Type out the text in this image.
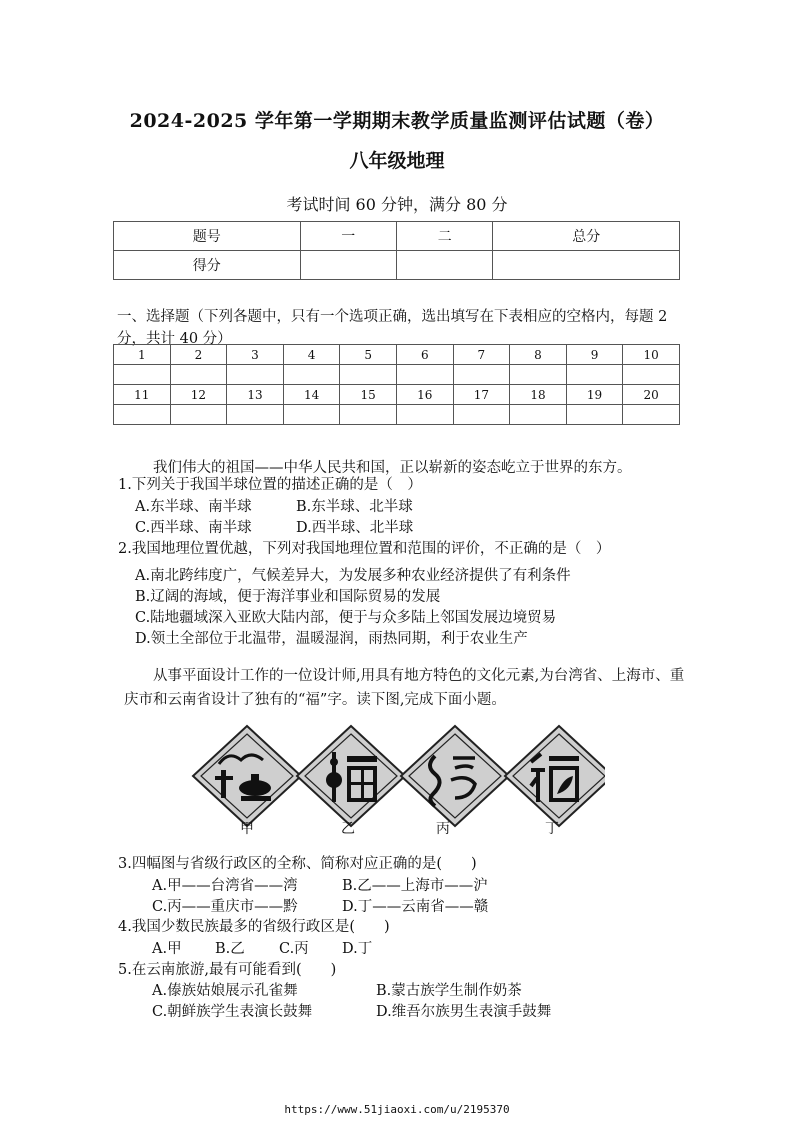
2024-2025 学年第一学期期末教学质量监测评估试题（卷）
八年级地理
考试时间 60 分钟，满分 80 分
题号	一	二	总分
得分			
一、选择题（下列各题中，只有一个选项正确，选出填写在下表相应的空格内，每题 2 分，共计 40 分）
1	2	3	4	5	6	7	8	9	10

11	12	13	14	15	16	17	18	19	20

我们伟大的祖国——中华人民共和国，正以崭新的姿态屹立于世界的东方。
1.下列关于我国半球位置的描述正确的是（　）
A.东半球、南半球	B.东半球、北半球
C.西半球、南半球	D.西半球、北半球
2.我国地理位置优越，下列对我国地理位置和范围的评价，不正确的是（　）
A.南北跨纬度广，气候差异大，为发展多种农业经济提供了有利条件
B.辽阔的海域，便于海洋事业和国际贸易的发展
C.陆地疆域深入亚欧大陆内部，便于与众多陆上邻国发展边境贸易
D.领土全部位于北温带，温暖湿润，雨热同期，利于农业生产
从事平面设计工作的一位设计师,用具有地方特色的文化元素,为台湾省、上海市、重庆市和云南省设计了独有的“福”字。读下图,完成下面小题。
甲	乙	丙	丁
3.四幅图与省级行政区的全称、简称对应正确的是(　　)
A.甲——台湾省——湾	B.乙——上海市——沪
C.丙——重庆市——黔	D.丁——云南省——赣
4.我国少数民族最多的省级行政区是(　　)
A.甲 B.乙 C.丙 D.丁
5.在云南旅游,最有可能看到(　　)
A.傣族姑娘展示孔雀舞	B.蒙古族学生制作奶茶
C.朝鲜族学生表演长鼓舞	D.维吾尔族男生表演手鼓舞
https://www.51jiaoxi.com/u/2195370
